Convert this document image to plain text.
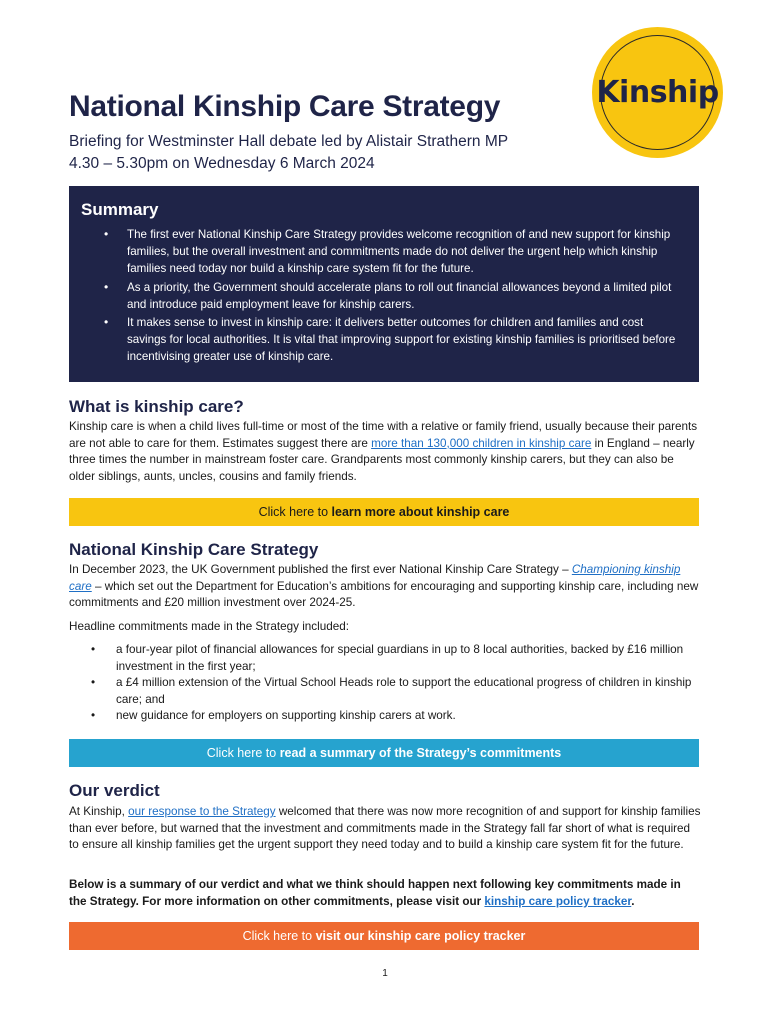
Kinship
National Kinship Care Strategy
Briefing for Westminster Hall debate led by Alistair Strathern MP
4.30 – 5.30pm on Wednesday 6 March 2024
Summary
• The first ever National Kinship Care Strategy provides welcome recognition of and new support for kinship families, but the overall investment and commitments made do not deliver the urgent help which kinship families need today nor build a kinship care system fit for the future.
• As a priority, the Government should accelerate plans to roll out financial allowances beyond a limited pilot and introduce paid employment leave for kinship carers.
• It makes sense to invest in kinship care: it delivers better outcomes for children and families and cost savings for local authorities. It is vital that improving support for existing kinship families is prioritised before incentivising greater use of kinship care.
What is kinship care?

Kinship care is when a child lives full-time or most of the time with a relative or family friend, usually because their parents are not able to care for them. Estimates suggest there are more than 130,000 children in kinship care in England – nearly three times the number in mainstream foster care. Grandparents most commonly kinship carers, but they can also be older siblings, aunts, uncles, cousins and family friends.

Click here to learn more about kinship care
National Kinship Care Strategy

In December 2023, the UK Government published the first ever National Kinship Care Strategy – Championing kinship care – which set out the Department for Education’s ambitions for encouraging and supporting kinship care, including new commitments and £20 million investment over 2024-25.

Headline commitments made in the Strategy included:

• a four-year pilot of financial allowances for special guardians in up to 8 local authorities, backed by £16 million investment in the first year;
• a £4 million extension of the Virtual School Heads role to support the educational progress of children in kinship care; and
• new guidance for employers on supporting kinship carers at work.
Click here to read a summary of the Strategy’s commitments
Our verdict

At Kinship, our response to the Strategy welcomed that there was now more recognition of and support for kinship families than ever before, but warned that the investment and commitments made in the Strategy fall far short of what is required to ensure all kinship families get the urgent support they need today and to build a kinship care system fit for the future.

Below is a summary of our verdict and what we think should happen next following key commitments made in the Strategy. For more information on other commitments, please visit our kinship care policy tracker.

Click here to visit our kinship care policy tracker
1
